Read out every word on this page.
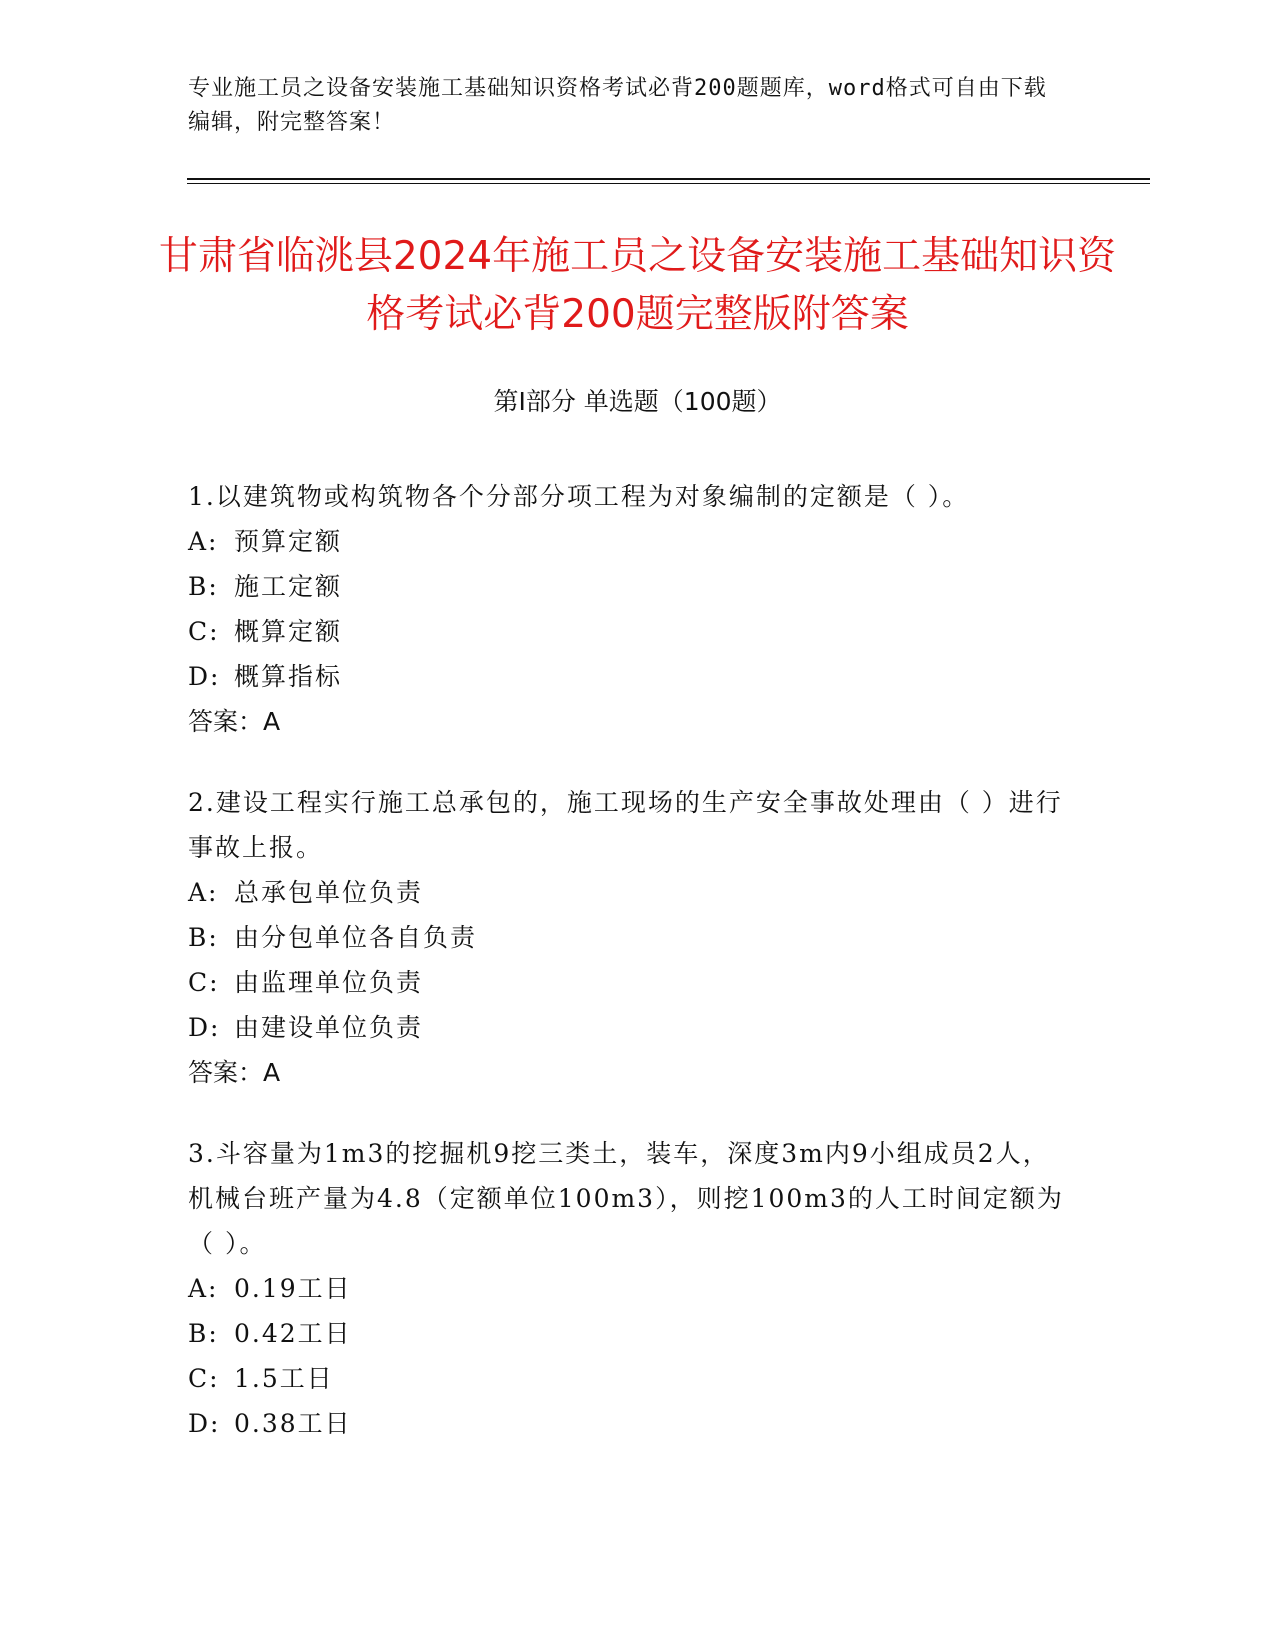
专业施工员之设备安装施工基础知识资格考试必背200题题库，word格式可自由下载编辑，附完整答案！
甘肃省临洮县2024年施工员之设备安装施工基础知识资格考试必背200题完整版附答案
第Ⅰ部分 单选题（100题）
1.以建筑物或构筑物各个分部分项工程为对象编制的定额是（ ）。
A: 预算定额
B: 施工定额
C: 概算定额
D: 概算指标
答案：A
2.建设工程实行施工总承包的，施工现场的生产安全事故处理由（ ）进行事故上报。
A: 总承包单位负责
B: 由分包单位各自负责
C: 由监理单位负责
D: 由建设单位负责
答案：A
3.斗容量为1m3的挖掘机9挖三类土，装车，深度3m内9小组成员2人，机械台班产量为4.8（定额单位100m3），则挖100m3的人工时间定额为（ ）。
A: 0.19工日
B: 0.42工日
C: 1.5工日
D: 0.38工日
